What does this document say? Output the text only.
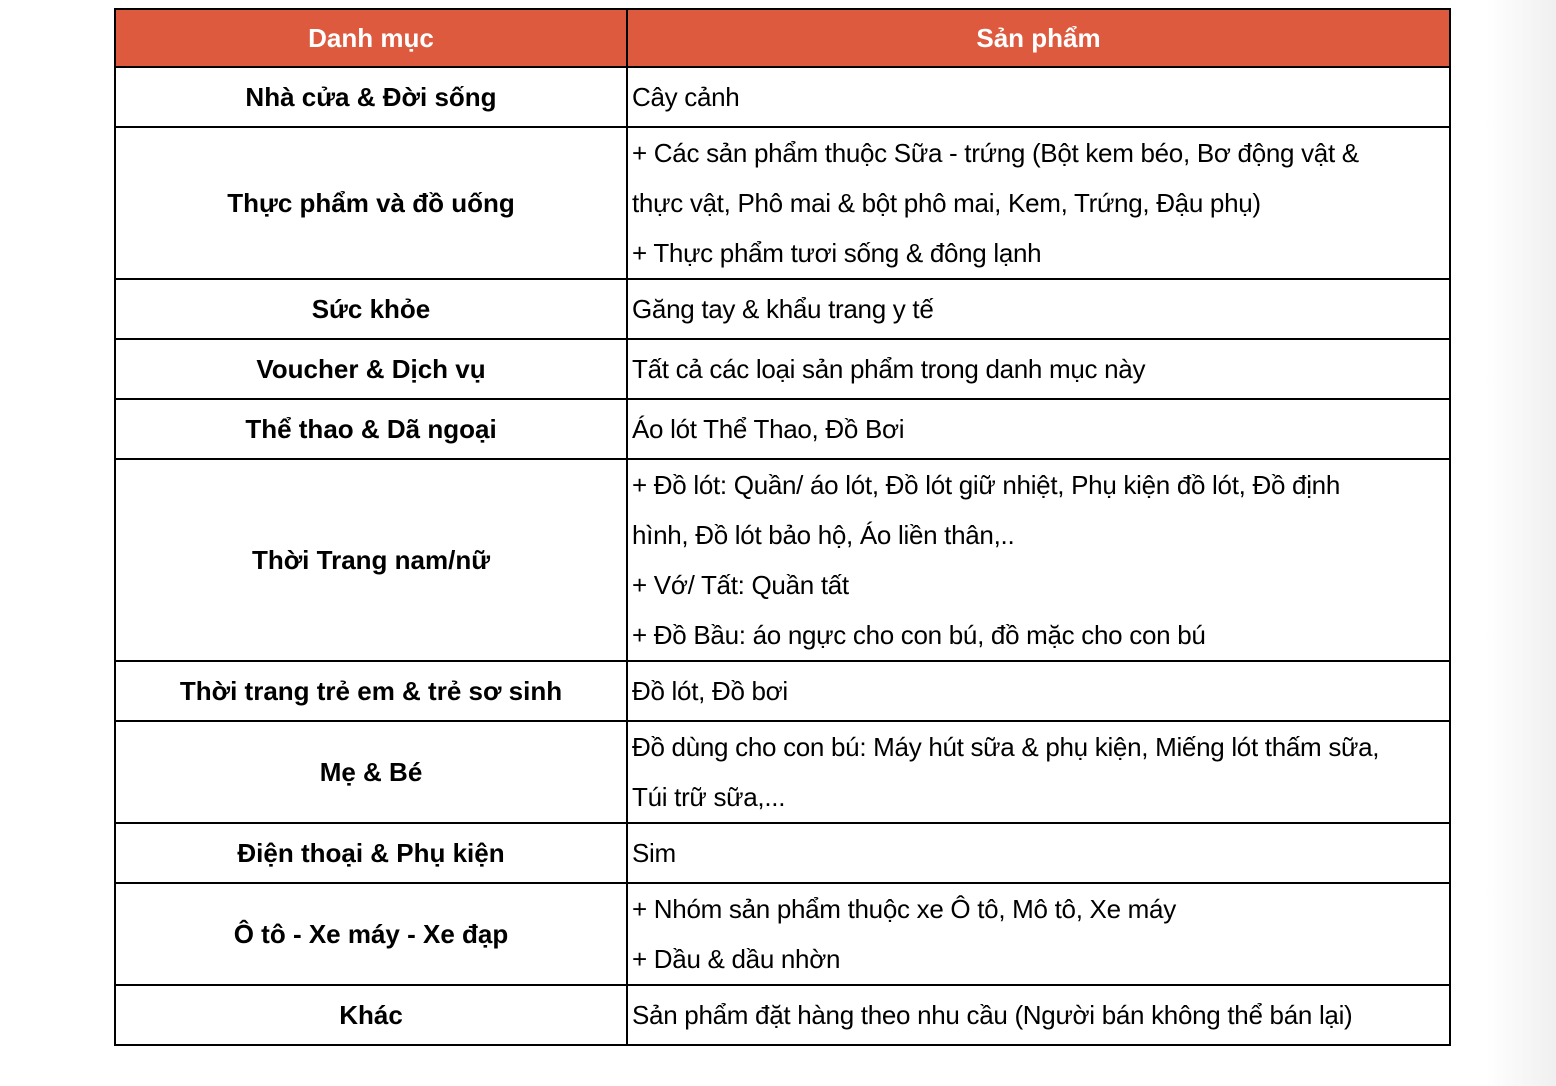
Danh mục	Sản phẩm
Nhà cửa & Đời sống	Cây cảnh

Thực phẩm và đồ uống	+ Các sản phẩm thuộc Sữa - trứng (Bột kem béo, Bơ động vật &
thực vật, Phô mai & bột phô mai, Kem, Trứng, Đậu phụ)
+ Thực phẩm tươi sống & đông lạnh

Sức khỏe	Găng tay & khẩu trang y tế

Voucher & Dịch vụ	Tất cả các loại sản phẩm trong danh mục này

Thể thao & Dã ngoại	Áo lót Thể Thao, Đồ Bơi

Thời Trang nam/nữ	+ Đồ lót: Quần/ áo lót, Đồ lót giữ nhiệt, Phụ kiện đồ lót, Đồ định
hình, Đồ lót bảo hộ, Áo liền thân,..
+ Vớ/ Tất: Quần tất
+ Đồ Bầu: áo ngực cho con bú, đồ mặc cho con bú

Thời trang trẻ em & trẻ sơ sinh	Đồ lót, Đồ bơi

Mẹ & Bé	Đồ dùng cho con bú: Máy hút sữa & phụ kiện, Miếng lót thấm sữa,
Túi trữ sữa,...

Điện thoại & Phụ kiện	Sim

Ô tô - Xe máy - Xe đạp	+ Nhóm sản phẩm thuộc xe Ô tô, Mô tô, Xe máy
+ Dầu & dầu nhờn

Khác	Sản phẩm đặt hàng theo nhu cầu (Người bán không thể bán lại)
